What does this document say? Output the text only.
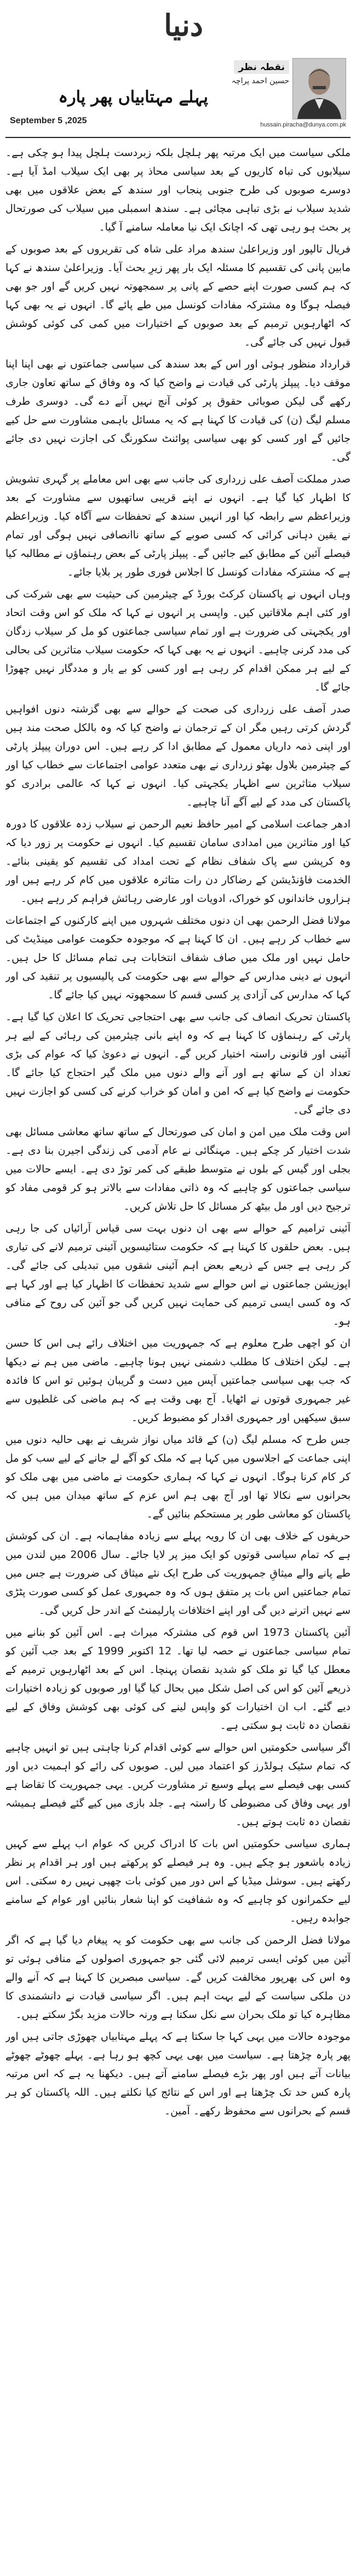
دنیا
hussain.piracha@dunya.com.pk
نقطہ نظر
حسین احمد پراچہ
پہلے مہتابیاں پھر پارہ
September 5 ,2025

ملکی سیاست میں ایک مرتبہ پھر ہلچل بلکہ زبردست ہلچل پیدا ہو چکی ہے۔ سیلابوں کی تباہ کاریوں کے بعد سیاسی محاذ پر بھی ایک سیلاب امڈ آیا ہے۔ دوسرے صوبوں کی طرح جنوبی پنجاب اور سندھ کے بعض علاقوں میں بھی شدید سیلاب نے بڑی تباہی مچائی ہے۔ سندھ اسمبلی میں سیلاب کی صورتحال پر بحث ہو رہی تھی کہ اچانک ایک نیا معاملہ سامنے آ گیا۔

فریال تالپور اور وزیراعلیٰ سندھ مراد علی شاہ کی تقریروں کے بعد صوبوں کے مابین پانی کی تقسیم کا مسئلہ ایک بار پھر زیرِ بحث آیا۔ وزیراعلیٰ سندھ نے کہا کہ ہم کسی صورت اپنے حصے کے پانی پر سمجھوتہ نہیں کریں گے اور جو بھی فیصلہ ہوگا وہ مشترکہ مفادات کونسل میں طے پائے گا۔ انہوں نے یہ بھی کہا کہ اٹھارہویں ترمیم کے بعد صوبوں کے اختیارات میں کمی کی کوئی کوشش قبول نہیں کی جائے گی۔

قرارداد منظور ہوئی اور اس کے بعد سندھ کی سیاسی جماعتوں نے بھی اپنا اپنا موقف دیا۔ پیپلز پارٹی کی قیادت نے واضح کیا کہ وہ وفاق کے ساتھ تعاون جاری رکھے گی لیکن صوبائی حقوق پر کوئی آنچ نہیں آنے دے گی۔ دوسری طرف مسلم لیگ (ن) کی قیادت کا کہنا ہے کہ یہ مسائل باہمی مشاورت سے حل کیے جائیں گے اور کسی کو بھی سیاسی پوائنٹ سکورنگ کی اجازت نہیں دی جائے گی۔

صدر مملکت آصف علی زرداری کی جانب سے بھی اس معاملے پر گہری تشویش کا اظہار کیا گیا ہے۔ انہوں نے اپنے قریبی ساتھیوں سے مشاورت کے بعد وزیراعظم سے رابطہ کیا اور انہیں سندھ کے تحفظات سے آگاہ کیا۔ وزیراعظم نے یقین دہانی کرائی کہ کسی صوبے کے ساتھ ناانصافی نہیں ہوگی اور تمام فیصلے آئین کے مطابق کیے جائیں گے۔ پیپلز پارٹی کے بعض رہنماؤں نے مطالبہ کیا ہے کہ مشترکہ مفادات کونسل کا اجلاس فوری طور پر بلایا جائے۔

وہاں انہوں نے پاکستان کرکٹ بورڈ کے چیئرمین کی حیثیت سے بھی شرکت کی اور کئی اہم ملاقاتیں کیں۔ واپسی پر انہوں نے کہا کہ ملک کو اس وقت اتحاد اور یکجہتی کی ضرورت ہے اور تمام سیاسی جماعتوں کو مل کر سیلاب زدگان کی مدد کرنی چاہیے۔ انہوں نے یہ بھی کہا کہ حکومت سیلاب متاثرین کی بحالی کے لیے ہر ممکن اقدام کر رہی ہے اور کسی کو بے یار و مددگار نہیں چھوڑا جائے گا۔

صدر آصف علی زرداری کی صحت کے حوالے سے بھی گزشتہ دنوں افواہیں گردش کرتی رہیں مگر ان کے ترجمان نے واضح کیا کہ وہ بالکل صحت مند ہیں اور اپنی ذمہ داریاں معمول کے مطابق ادا کر رہے ہیں۔ اس دوران پیپلز پارٹی کے چیئرمین بلاول بھٹو زرداری نے بھی متعدد عوامی اجتماعات سے خطاب کیا اور سیلاب متاثرین سے اظہار یکجہتی کیا۔ انہوں نے کہا کہ عالمی برادری کو پاکستان کی مدد کے لیے آگے آنا چاہیے۔

ادھر جماعت اسلامی کے امیر حافظ نعیم الرحمن نے سیلاب زدہ علاقوں کا دورہ کیا اور متاثرین میں امدادی سامان تقسیم کیا۔ انہوں نے حکومت پر زور دیا کہ وہ کرپشن سے پاک شفاف نظام کے تحت امداد کی تقسیم کو یقینی بنائے۔ الخدمت فاؤنڈیشن کے رضاکار دن رات متاثرہ علاقوں میں کام کر رہے ہیں اور ہزاروں خاندانوں کو خوراک، ادویات اور عارضی رہائش فراہم کر رہے ہیں۔

مولانا فضل الرحمن بھی ان دنوں مختلف شہروں میں اپنے کارکنوں کے اجتماعات سے خطاب کر رہے ہیں۔ ان کا کہنا ہے کہ موجودہ حکومت عوامی مینڈیٹ کی حامل نہیں اور ملک میں صاف شفاف انتخابات ہی تمام مسائل کا حل ہیں۔ انہوں نے دینی مدارس کے حوالے سے بھی حکومت کی پالیسیوں پر تنقید کی اور کہا کہ مدارس کی آزادی پر کسی قسم کا سمجھوتہ نہیں کیا جائے گا۔

پاکستان تحریک انصاف کی جانب سے بھی احتجاجی تحریک کا اعلان کیا گیا ہے۔ پارٹی کے رہنماؤں کا کہنا ہے کہ وہ اپنے بانی چیئرمین کی رہائی کے لیے ہر آئینی اور قانونی راستہ اختیار کریں گے۔ انہوں نے دعویٰ کیا کہ عوام کی بڑی تعداد ان کے ساتھ ہے اور آنے والے دنوں میں ملک گیر احتجاج کیا جائے گا۔ حکومت نے واضح کیا ہے کہ امن و امان کو خراب کرنے کی کسی کو اجازت نہیں دی جائے گی۔

اس وقت ملک میں امن و امان کی صورتحال کے ساتھ ساتھ معاشی مسائل بھی شدت اختیار کر چکے ہیں۔ مہنگائی نے عام آدمی کی زندگی اجیرن بنا دی ہے۔ بجلی اور گیس کے بلوں نے متوسط طبقے کی کمر توڑ دی ہے۔ ایسے حالات میں سیاسی جماعتوں کو چاہیے کہ وہ ذاتی مفادات سے بالاتر ہو کر قومی مفاد کو ترجیح دیں اور مل بیٹھ کر مسائل کا حل تلاش کریں۔

آئینی ترامیم کے حوالے سے بھی ان دنوں بہت سی قیاس آرائیاں کی جا رہی ہیں۔ بعض حلقوں کا کہنا ہے کہ حکومت ستائیسویں آئینی ترمیم لانے کی تیاری کر رہی ہے جس کے ذریعے بعض اہم آئینی شقوں میں تبدیلی کی جائے گی۔ اپوزیشن جماعتوں نے اس حوالے سے شدید تحفظات کا اظہار کیا ہے اور کہا ہے کہ وہ کسی ایسی ترمیم کی حمایت نہیں کریں گی جو آئین کی روح کے منافی ہو۔

ان کو اچھی طرح معلوم ہے کہ جمہوریت میں اختلاف رائے ہی اس کا حسن ہے۔ لیکن اختلاف کا مطلب دشمنی نہیں ہونا چاہیے۔ ماضی میں ہم نے دیکھا کہ جب بھی سیاسی جماعتیں آپس میں دست و گریبان ہوئیں تو اس کا فائدہ غیر جمہوری قوتوں نے اٹھایا۔ آج بھی وقت ہے کہ ہم ماضی کی غلطیوں سے سبق سیکھیں اور جمہوری اقدار کو مضبوط کریں۔

جس طرح کہ مسلم لیگ (ن) کے قائد میاں نواز شریف نے بھی حالیہ دنوں میں اپنی جماعت کے اجلاسوں میں کہا ہے کہ ملک کو آگے لے جانے کے لیے سب کو مل کر کام کرنا ہوگا۔ انہوں نے کہا کہ ہماری حکومت نے ماضی میں بھی ملک کو بحرانوں سے نکالا تھا اور آج بھی ہم اس عزم کے ساتھ میدان میں ہیں کہ پاکستان کو معاشی طور پر مستحکم بنائیں گے۔

حریفوں کے خلاف بھی ان کا رویہ پہلے سے زیادہ مفاہمانہ ہے۔ ان کی کوشش ہے کہ تمام سیاسی قوتوں کو ایک میز پر لایا جائے۔ سال 2006 میں لندن میں طے پانے والے میثاقِ جمہوریت کی طرح ایک نئے میثاق کی ضرورت ہے جس میں تمام جماعتیں اس بات پر متفق ہوں کہ وہ جمہوری عمل کو کسی صورت پٹڑی سے نہیں اترنے دیں گی اور اپنے اختلافات پارلیمنٹ کے اندر حل کریں گی۔

آئین پاکستان 1973 اس قوم کی مشترکہ میراث ہے۔ اس آئین کو بنانے میں تمام سیاسی جماعتوں نے حصہ لیا تھا۔ 12 اکتوبر 1999 کے بعد جب آئین کو معطل کیا گیا تو ملک کو شدید نقصان پہنچا۔ اس کے بعد اٹھارہویں ترمیم کے ذریعے آئین کو اس کی اصل شکل میں بحال کیا گیا اور صوبوں کو زیادہ اختیارات دیے گئے۔ اب ان اختیارات کو واپس لینے کی کوئی بھی کوشش وفاق کے لیے نقصان دہ ثابت ہو سکتی ہے۔

اگر سیاسی حکومتیں اس حوالے سے کوئی اقدام کرنا چاہتی ہیں تو انہیں چاہیے کہ تمام سٹیک ہولڈرز کو اعتماد میں لیں۔ صوبوں کی رائے کو اہمیت دیں اور کسی بھی فیصلے سے پہلے وسیع تر مشاورت کریں۔ یہی جمہوریت کا تقاضا ہے اور یہی وفاق کی مضبوطی کا راستہ ہے۔ جلد بازی میں کیے گئے فیصلے ہمیشہ نقصان دہ ثابت ہوتے ہیں۔

ہماری سیاسی حکومتیں اس بات کا ادراک کریں کہ عوام اب پہلے سے کہیں زیادہ باشعور ہو چکے ہیں۔ وہ ہر فیصلے کو پرکھتے ہیں اور ہر اقدام پر نظر رکھتے ہیں۔ سوشل میڈیا کے اس دور میں کوئی بات چھپی نہیں رہ سکتی۔ اس لیے حکمرانوں کو چاہیے کہ وہ شفافیت کو اپنا شعار بنائیں اور عوام کے سامنے جوابدہ رہیں۔

مولانا فضل الرحمن کی جانب سے بھی حکومت کو یہ پیغام دیا گیا ہے کہ اگر آئین میں کوئی ایسی ترمیم لائی گئی جو جمہوری اصولوں کے منافی ہوئی تو وہ اس کی بھرپور مخالفت کریں گے۔ سیاسی مبصرین کا کہنا ہے کہ آنے والے دن ملکی سیاست کے لیے بہت اہم ہیں۔ اگر سیاسی قیادت نے دانشمندی کا مظاہرہ کیا تو ملک بحران سے نکل سکتا ہے ورنہ حالات مزید بگڑ سکتے ہیں۔

موجودہ حالات میں یہی کہا جا سکتا ہے کہ پہلے مہتابیاں چھوڑی جاتی ہیں اور پھر پارہ چڑھتا ہے۔ سیاست میں بھی یہی کچھ ہو رہا ہے۔ پہلے چھوٹے چھوٹے بیانات آتے ہیں اور پھر بڑے فیصلے سامنے آتے ہیں۔ دیکھنا یہ ہے کہ اس مرتبہ پارہ کس حد تک چڑھتا ہے اور اس کے نتائج کیا نکلتے ہیں۔ اللہ پاکستان کو ہر قسم کے بحرانوں سے محفوظ رکھے۔ آمین۔
